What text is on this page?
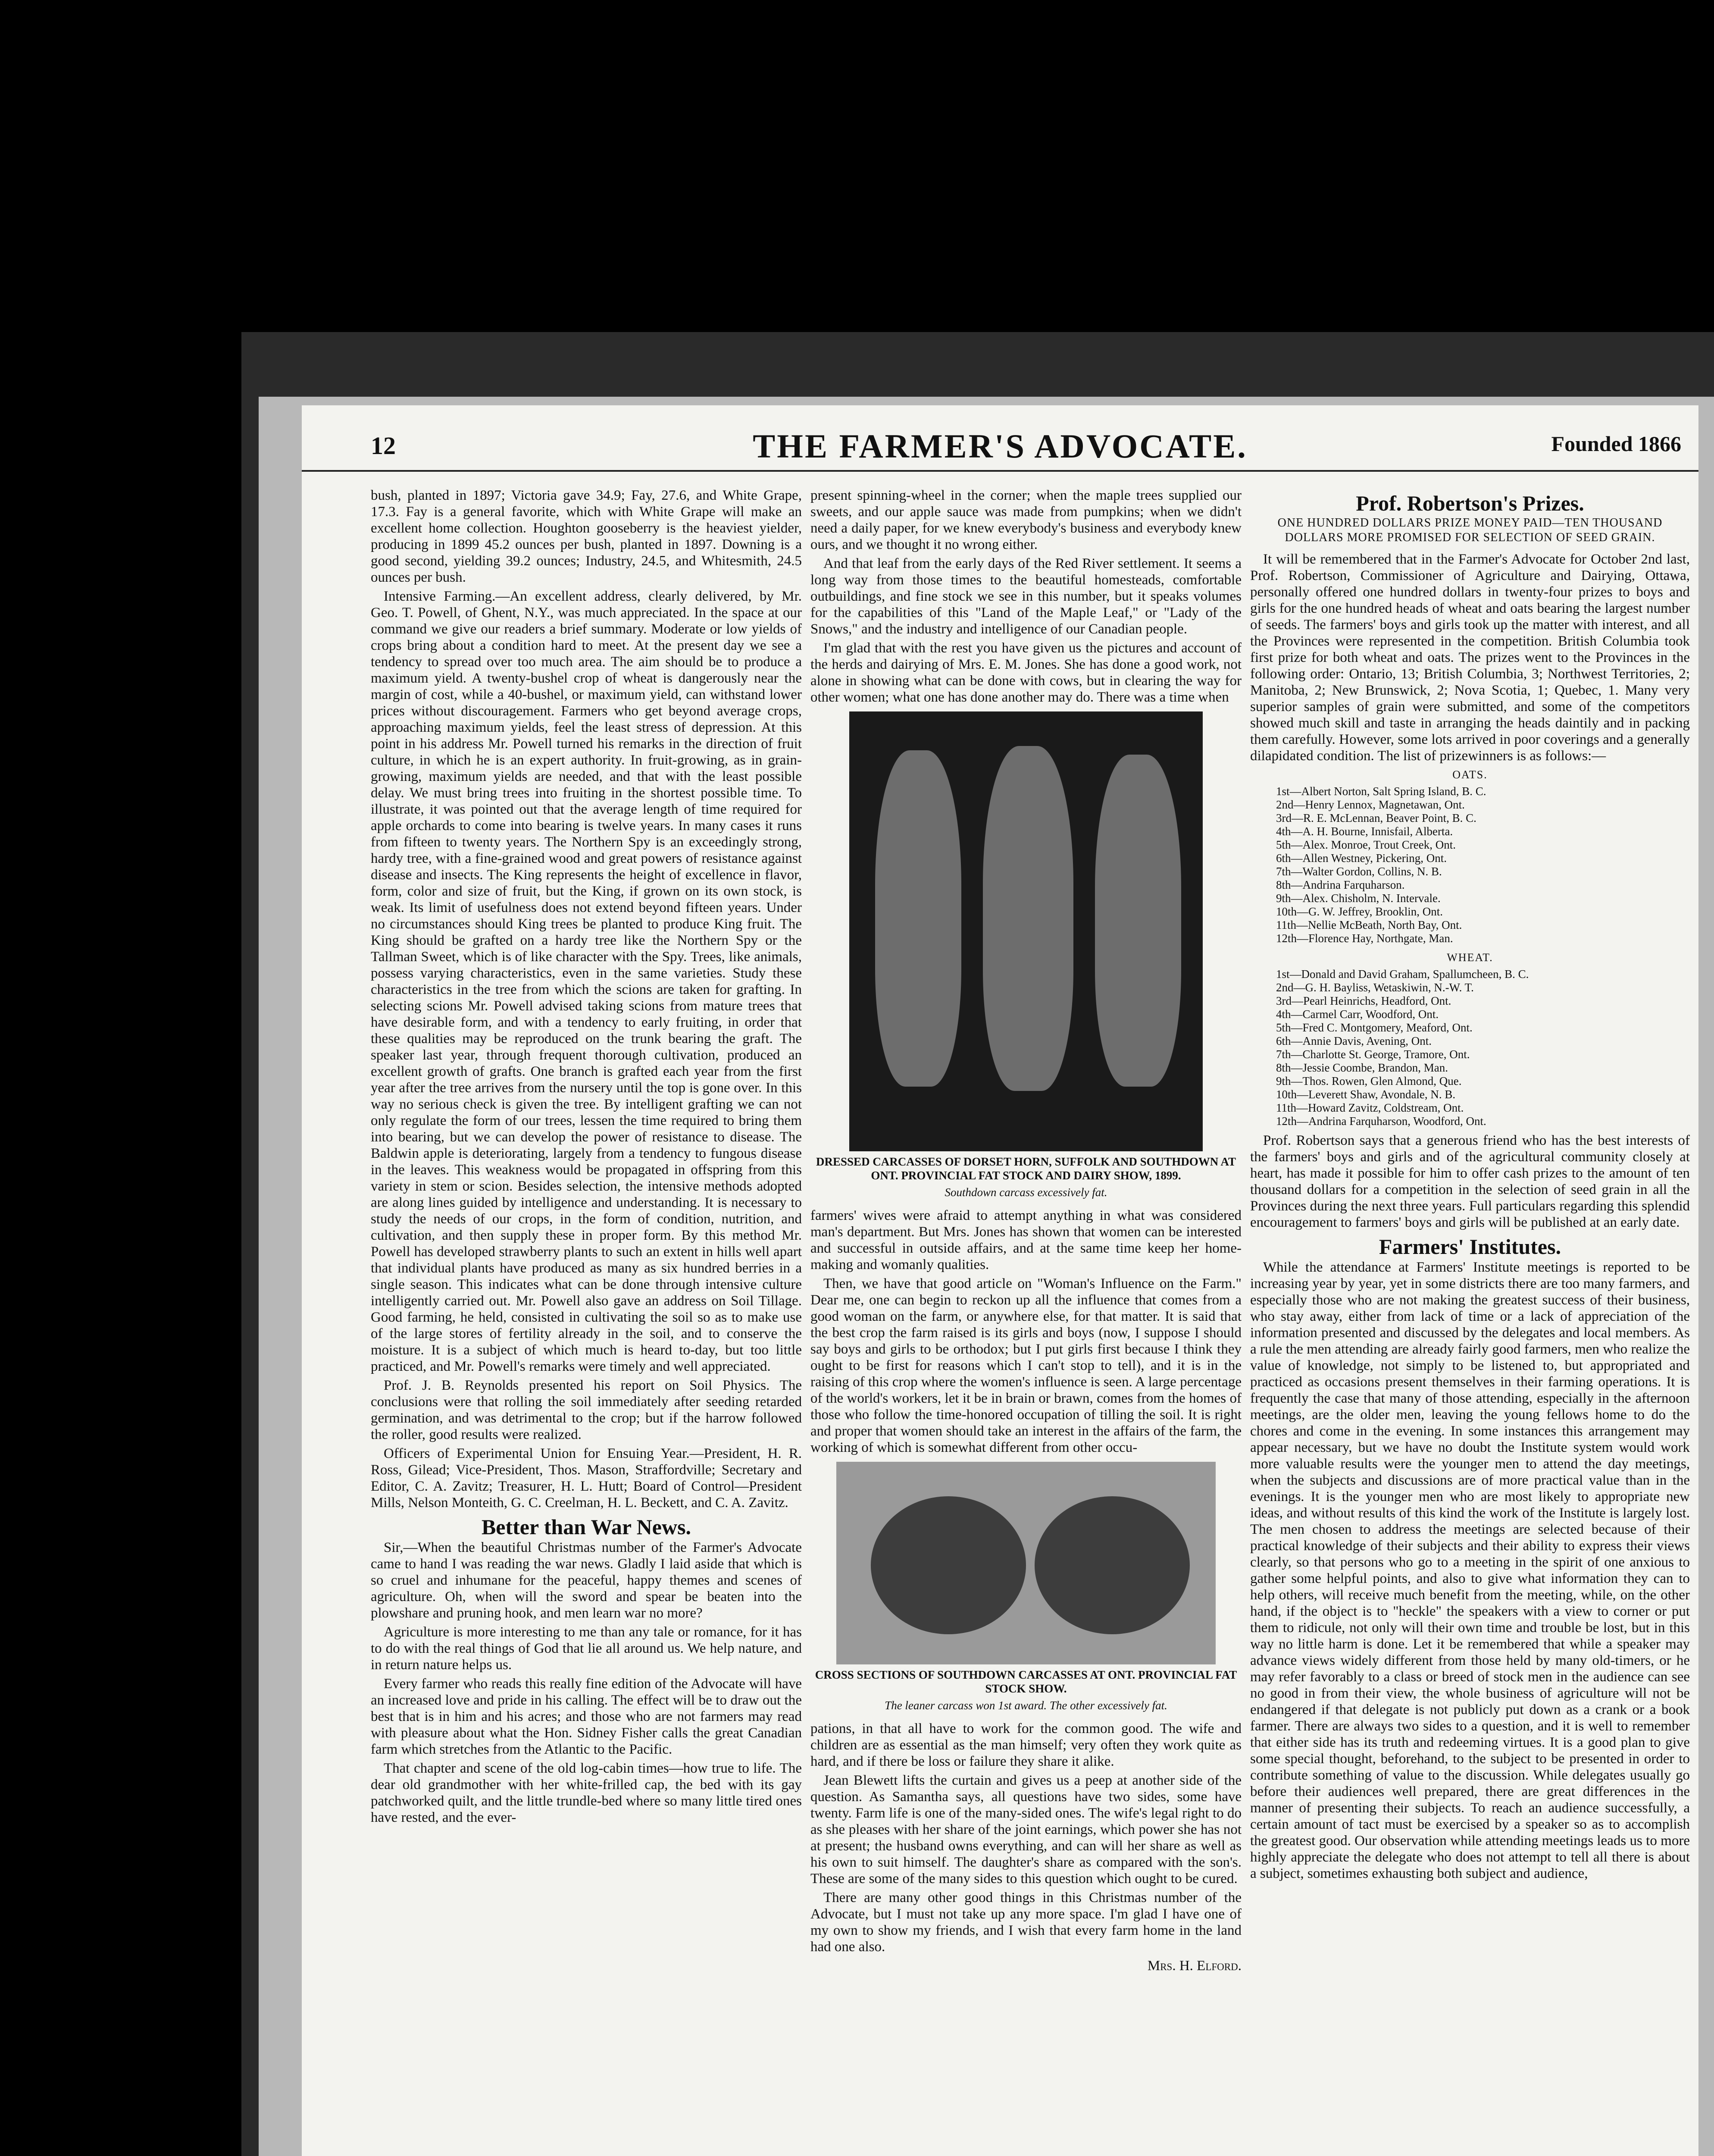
12	THE FARMER'S ADVOCATE.	Founded 1866

bush, planted in 1897; Victoria gave 34.9; Fay, 27.6, and White Grape, 17.3. Fay is a general favorite, which with White Grape will make an excellent home collection. Houghton gooseberry is the heaviest yielder, producing in 1899 45.2 ounces per bush, planted in 1897. Downing is a good second, yielding 39.2 ounces; Industry, 24.5, and Whitesmith, 24.5 ounces per bush.

Intensive Farming.—An excellent address, clearly delivered, by Mr. Geo. T. Powell, of Ghent, N.Y., was much appreciated. In the space at our command we give our readers a brief summary. Moderate or low yields of crops bring about a condition hard to meet. At the present day we see a tendency to spread over too much area. The aim should be to produce a maximum yield. A twenty-bushel crop of wheat is dangerously near the margin of cost, while a 40-bushel, or maximum yield, can withstand lower prices without discouragement. Farmers who get beyond average crops, approaching maximum yields, feel the least stress of depression. At this point in his address Mr. Powell turned his remarks in the direction of fruit culture, in which he is an expert authority. In fruit-growing, as in grain-growing, maximum yields are needed, and that with the least possible delay. We must bring trees into fruiting in the shortest possible time. To illustrate, it was pointed out that the average length of time required for apple orchards to come into bearing is twelve years. In many cases it runs from fifteen to twenty years. The Northern Spy is an exceedingly strong, hardy tree, with a fine-grained wood and great powers of resistance against disease and insects. The King represents the height of excellence in flavor, form, color and size of fruit, but the King, if grown on its own stock, is weak. Its limit of usefulness does not extend beyond fifteen years. Under no circumstances should King trees be planted to produce King fruit. The King should be grafted on a hardy tree like the Northern Spy or the Tallman Sweet, which is of like character with the Spy. Trees, like animals, possess varying characteristics, even in the same varieties. Study these characteristics in the tree from which the scions are taken for grafting. In selecting scions Mr. Powell advised taking scions from mature trees that have desirable form, and with a tendency to early fruiting, in order that these qualities may be reproduced on the trunk bearing the graft. The speaker last year, through frequent thorough cultivation, produced an excellent growth of grafts. One branch is grafted each year from the first year after the tree arrives from the nursery until the top is gone over. In this way no serious check is given the tree. By intelligent grafting we can not only regulate the form of our trees, lessen the time required to bring them into bearing, but we can develop the power of resistance to disease. The Baldwin apple is deteriorating, largely from a tendency to fungous disease in the leaves. This weakness would be propagated in offspring from this variety in stem or scion. Besides selection, the intensive methods adopted are along lines guided by intelligence and understanding. It is necessary to study the needs of our crops, in the form of condition, nutrition, and cultivation, and then supply these in proper form. By this method Mr. Powell has developed strawberry plants to such an extent in hills well apart that individual plants have produced as many as six hundred berries in a single season. This indicates what can be done through intensive culture intelligently carried out. Mr. Powell also gave an address on Soil Tillage. Good farming, he held, consisted in cultivating the soil so as to make use of the large stores of fertility already in the soil, and to conserve the moisture. It is a subject of which much is heard to-day, but too little practiced, and Mr. Powell's remarks were timely and well appreciated.

Prof. J. B. Reynolds presented his report on Soil Physics. The conclusions were that rolling the soil immediately after seeding retarded germination, and was detrimental to the crop; but if the harrow followed the roller, good results were realized.

Officers of Experimental Union for Ensuing Year.—President, H. R. Ross, Gilead; Vice-President, Thos. Mason, Straffordville; Secretary and Editor, C. A. Zavitz; Treasurer, H. L. Hutt; Board of Control—President Mills, Nelson Monteith, G. C. Creelman, H. L. Beckett, and C. A. Zavitz.

Better than War News.

Sir,—When the beautiful Christmas number of the Farmer's Advocate came to hand I was reading the war news. Gladly I laid aside that which is so cruel and inhumane for the peaceful, happy themes and scenes of agriculture. Oh, when will the sword and spear be beaten into the plowshare and pruning hook, and men learn war no more?

Agriculture is more interesting to me than any tale or romance, for it has to do with the real things of God that lie all around us. We help nature, and in return nature helps us.

Every farmer who reads this really fine edition of the Advocate will have an increased love and pride in his calling. The effect will be to draw out the best that is in him and his acres; and those who are not farmers may read with pleasure about what the Hon. Sidney Fisher calls the great Canadian farm which stretches from the Atlantic to the Pacific.

That chapter and scene of the old log-cabin times—how true to life. The dear old grandmother with her white-frilled cap, the bed with its gay patchworked quilt, and the little trundle-bed where so many little tired ones have rested, and the ever-

present spinning-wheel in the corner; when the maple trees supplied our sweets, and our apple sauce was made from pumpkins; when we didn't need a daily paper, for we knew everybody's business and everybody knew ours, and we thought it no wrong either.

And that leaf from the early days of the Red River settlement. It seems a long way from those times to the beautiful homesteads, comfortable outbuildings, and fine stock we see in this number, but it speaks volumes for the capabilities of this "Land of the Maple Leaf," or "Lady of the Snows," and the industry and intelligence of our Canadian people.

I'm glad that with the rest you have given us the pictures and account of the herds and dairying of Mrs. E. M. Jones. She has done a good work, not alone in showing what can be done with cows, but in clearing the way for other women; what one has done another may do. There was a time when

DRESSED CARCASSES OF DORSET HORN, SUFFOLK AND SOUTHDOWN AT ONT. PROVINCIAL FAT STOCK AND DAIRY SHOW, 1899.
Southdown carcass excessively fat.

farmers' wives were afraid to attempt anything in what was considered man's department. But Mrs. Jones has shown that women can be interested and successful in outside affairs, and at the same time keep her home-making and womanly qualities.

Then, we have that good article on "Woman's Influence on the Farm." Dear me, one can begin to reckon up all the influence that comes from a good woman on the farm, or anywhere else, for that matter. It is said that the best crop the farm raised is its girls and boys (now, I suppose I should say boys and girls to be orthodox; but I put girls first because I think they ought to be first for reasons which I can't stop to tell), and it is in the raising of this crop where the women's influence is seen. A large percentage of the world's workers, let it be in brain or brawn, comes from the homes of those who follow the time-honored occupation of tilling the soil. It is right and proper that women should take an interest in the affairs of the farm, the working of which is somewhat different from other occu-

CROSS SECTIONS OF SOUTHDOWN CARCASSES AT ONT. PROVINCIAL FAT STOCK SHOW.
The leaner carcass won 1st award. The other excessively fat.

pations, in that all have to work for the common good. The wife and children are as essential as the man himself; very often they work quite as hard, and if there be loss or failure they share it alike.

Jean Blewett lifts the curtain and gives us a peep at another side of the question. As Samantha says, all questions have two sides, some have twenty. Farm life is one of the many-sided ones. The wife's legal right to do as she pleases with her share of the joint earnings, which power she has not at present; the husband owns everything, and can will her share as well as his own to suit himself. The daughter's share as compared with the son's. These are some of the many sides to this question which ought to be cured.

There are many other good things in this Christmas number of the Advocate, but I must not take up any more space. I'm glad I have one of my own to show my friends, and I wish that every farm home in the land had one also.

Mrs. H. Elford.

Prof. Robertson's Prizes.
ONE HUNDRED DOLLARS PRIZE MONEY PAID—TEN THOUSAND DOLLARS MORE PROMISED FOR SELECTION OF SEED GRAIN.

It will be remembered that in the Farmer's Advocate for October 2nd last, Prof. Robertson, Commissioner of Agriculture and Dairying, Ottawa, personally offered one hundred dollars in twenty-four prizes to boys and girls for the one hundred heads of wheat and oats bearing the largest number of seeds. The farmers' boys and girls took up the matter with interest, and all the Provinces were represented in the competition. British Columbia took first prize for both wheat and oats. The prizes went to the Provinces in the following order: Ontario, 13; British Columbia, 3; Northwest Territories, 2; Manitoba, 2; New Brunswick, 2; Nova Scotia, 1; Quebec, 1. Many very superior samples of grain were submitted, and some of the competitors showed much skill and taste in arranging the heads daintily and in packing them carefully. However, some lots arrived in poor coverings and a generally dilapidated condition. The list of prizewinners is as follows:—

OATS.
1st—Albert Norton, Salt Spring Island, B. C.
2nd—Henry Lennox, Magnetawan, Ont.
3rd—R. E. McLennan, Beaver Point, B. C.
4th—A. H. Bourne, Innisfail, Alberta.
5th—Alex. Monroe, Trout Creek, Ont.
6th—Allen Westney, Pickering, Ont.
7th—Walter Gordon, Collins, N. B.
8th—Andrina Farquharson.
9th—Alex. Chisholm, N. Intervale.
10th—G. W. Jeffrey, Brooklin, Ont.
11th—Nellie McBeath, North Bay, Ont.
12th—Florence Hay, Northgate, Man.
WHEAT.
1st—Donald and David Graham, Spallumcheen, B. C.
2nd—G. H. Bayliss, Wetaskiwin, N.-W. T.
3rd—Pearl Heinrichs, Headford, Ont.
4th—Carmel Carr, Woodford, Ont.
5th—Fred C. Montgomery, Meaford, Ont.
6th—Annie Davis, Avening, Ont.
7th—Charlotte St. George, Tramore, Ont.
8th—Jessie Coombe, Brandon, Man.
9th—Thos. Rowen, Glen Almond, Que.
10th—Leverett Shaw, Avondale, N. B.
11th—Howard Zavitz, Coldstream, Ont.
12th—Andrina Farquharson, Woodford, Ont.

Prof. Robertson says that a generous friend who has the best interests of the farmers' boys and girls and of the agricultural community closely at heart, has made it possible for him to offer cash prizes to the amount of ten thousand dollars for a competition in the selection of seed grain in all the Provinces during the next three years. Full particulars regarding this splendid encouragement to farmers' boys and girls will be published at an early date.

Farmers' Institutes.

While the attendance at Farmers' Institute meetings is reported to be increasing year by year, yet in some districts there are too many farmers, and especially those who are not making the greatest success of their business, who stay away, either from lack of time or a lack of appreciation of the information presented and discussed by the delegates and local members. As a rule the men attending are already fairly good farmers, men who realize the value of knowledge, not simply to be listened to, but appropriated and practiced as occasions present themselves in their farming operations. It is frequently the case that many of those attending, especially in the afternoon meetings, are the older men, leaving the young fellows home to do the chores and come in the evening. In some instances this arrangement may appear necessary, but we have no doubt the Institute system would work more valuable results were the younger men to attend the day meetings, when the subjects and discussions are of more practical value than in the evenings. It is the younger men who are most likely to appropriate new ideas, and without results of this kind the work of the Institute is largely lost. The men chosen to address the meetings are selected because of their practical knowledge of their subjects and their ability to express their views clearly, so that persons who go to a meeting in the spirit of one anxious to gather some helpful points, and also to give what information they can to help others, will receive much benefit from the meeting, while, on the other hand, if the object is to "heckle" the speakers with a view to corner or put them to ridicule, not only will their own time and trouble be lost, but in this way no little harm is done. Let it be remembered that while a speaker may advance views widely different from those held by many old-timers, or he may refer favorably to a class or breed of stock men in the audience can see no good in from their view, the whole business of agriculture will not be endangered if that delegate is not publicly put down as a crank or a book farmer. There are always two sides to a question, and it is well to remember that either side has its truth and redeeming virtues. It is a good plan to give some special thought, beforehand, to the subject to be presented in order to contribute something of value to the discussion. While delegates usually go before their audiences well prepared, there are great differences in the manner of presenting their subjects. To reach an audience successfully, a certain amount of tact must be exercised by a speaker so as to accomplish the greatest good. Our observation while attending meetings leads us to more highly appreciate the delegate who does not attempt to tell all there is about a subject, sometimes exhausting both subject and audience,
